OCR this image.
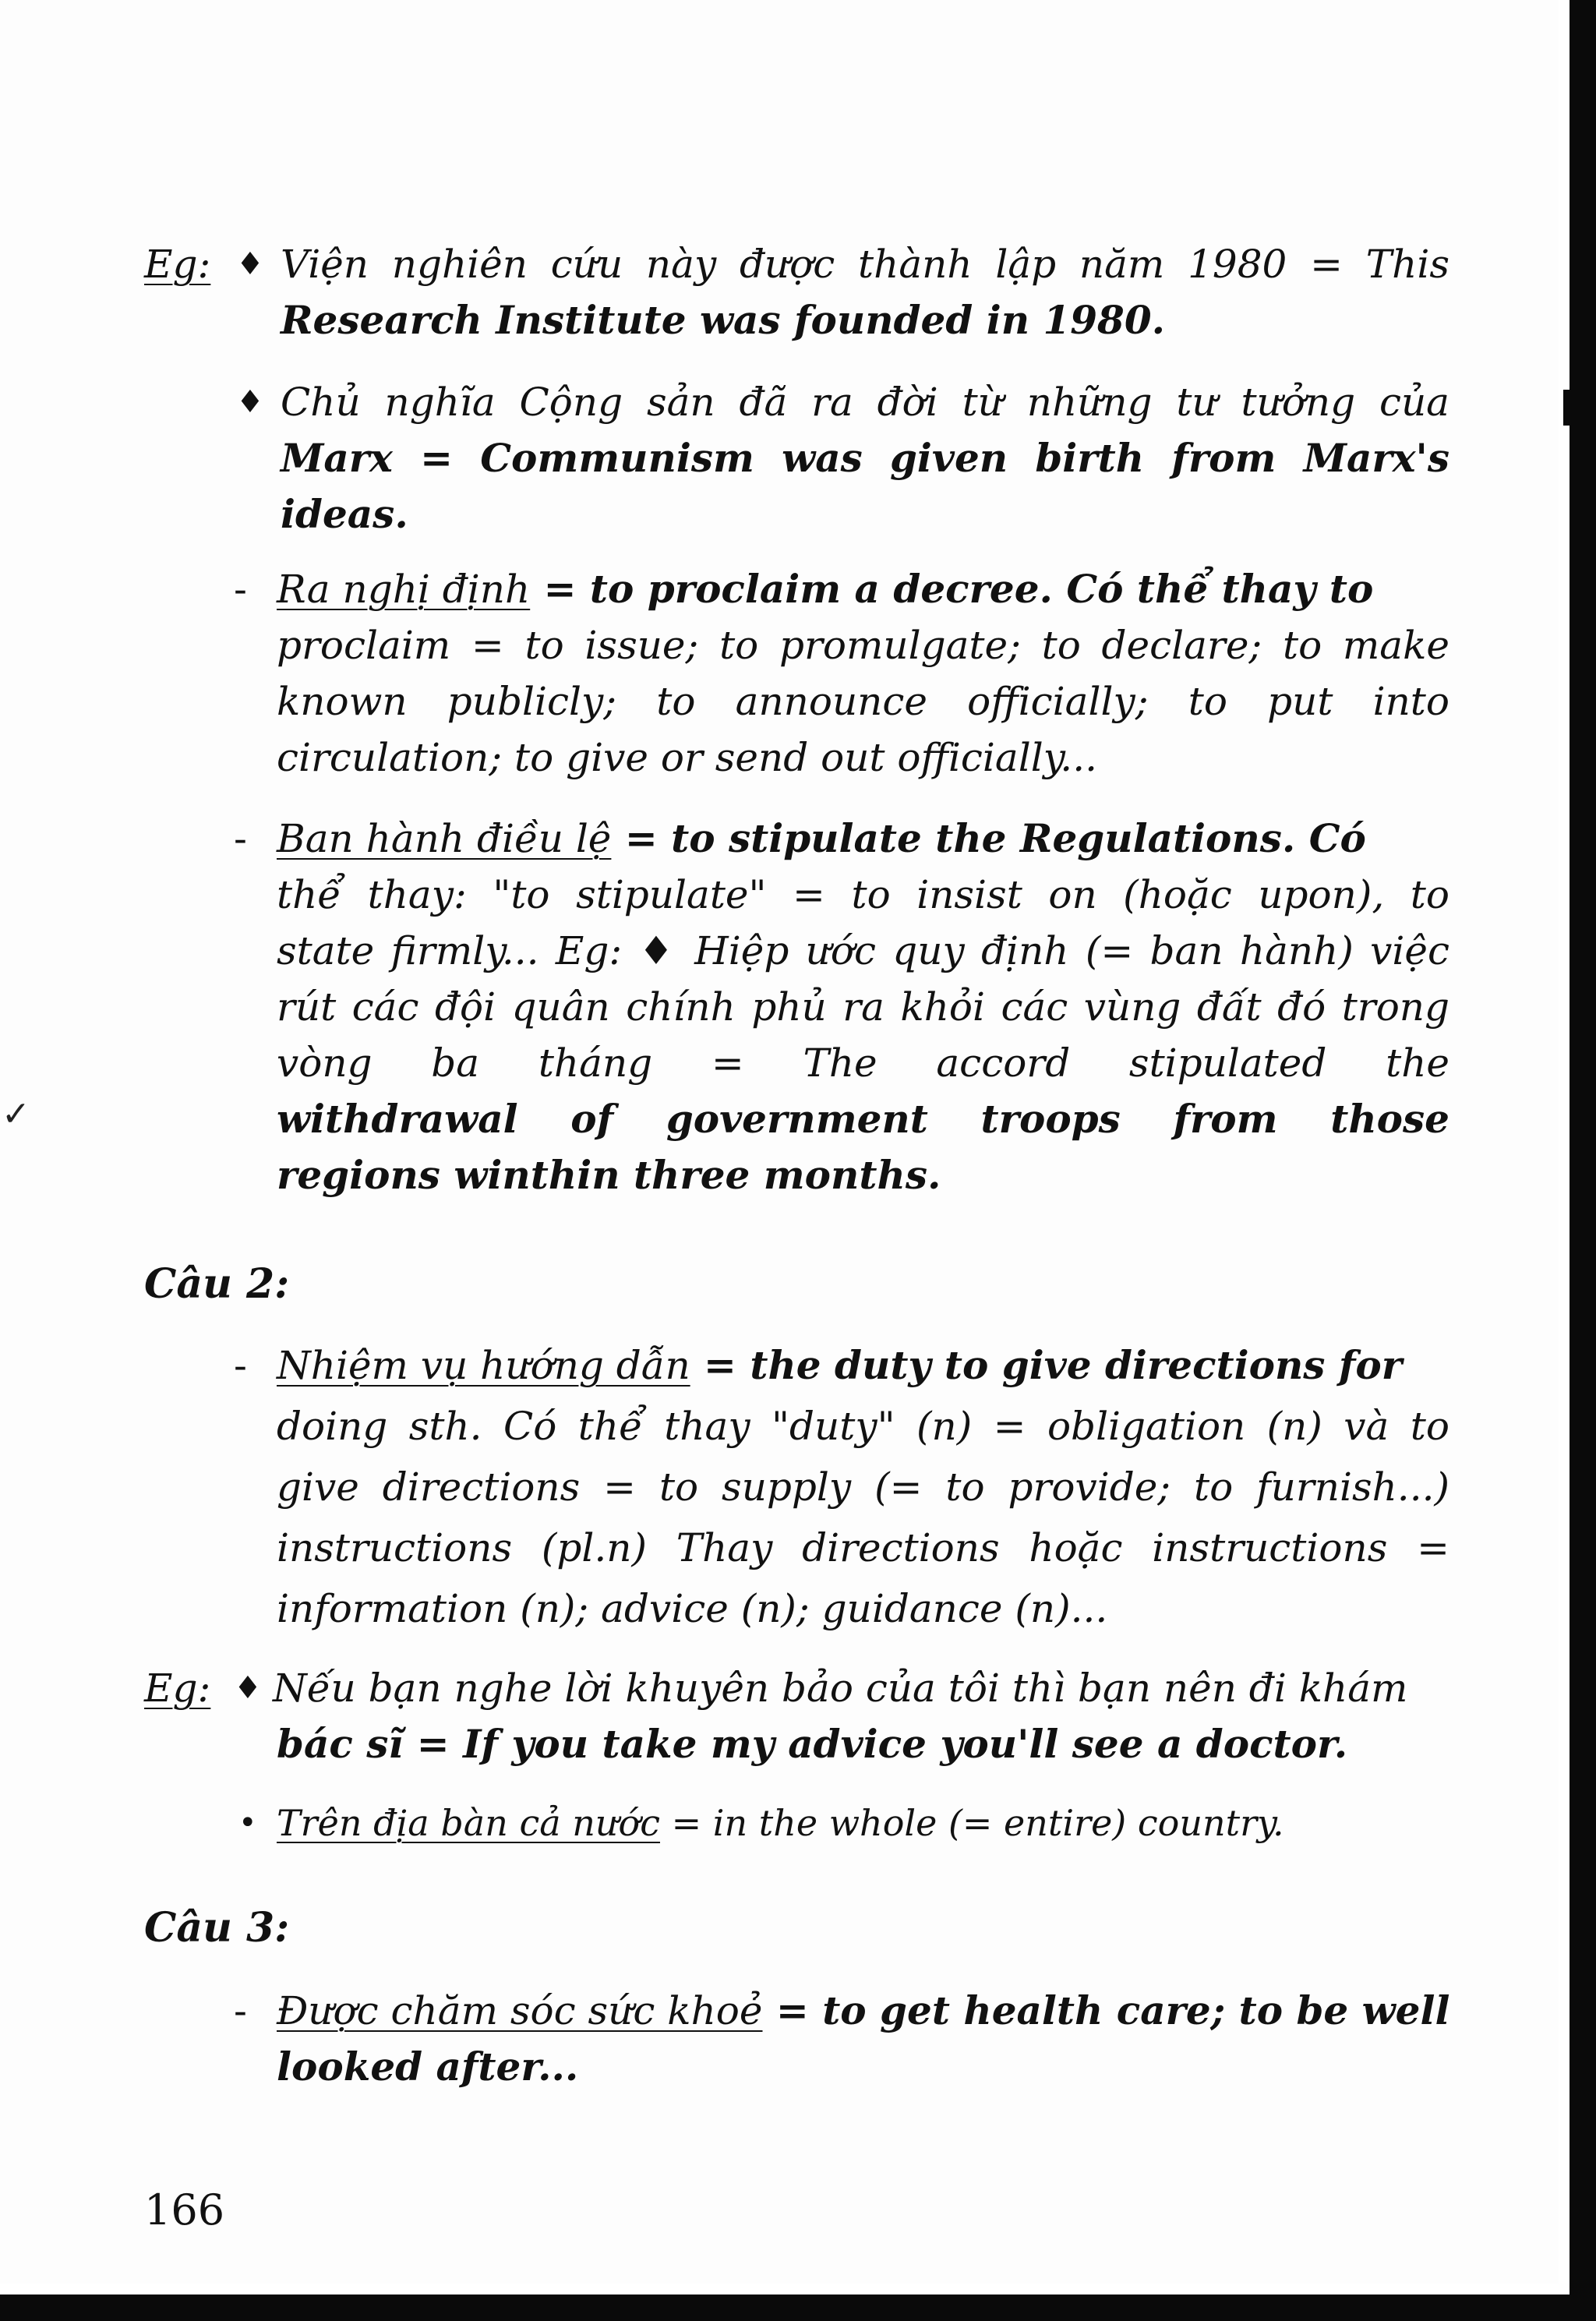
Eg: ♦ Viện nghiên cứu này được thành lập năm 1980 = This

Research Institute was founded in 1980.

♦ Chủ nghĩa Cộng sản đã ra đời từ những tư tưởng của

Marx = Communism was given birth from Marx's

ideas.

- Ra nghị định = to proclaim a decree. Có thể thay to

proclaim = to issue; to promulgate; to declare; to make

known publicly; to announce officially; to put into

circulation; to give or send out officially...

- Ban hành điều lệ = to stipulate the Regulations. Có

thể thay: "to stipulate" = to insist on (hoặc upon), to

state firmly... Eg: ♦ Hiệp ước quy định (= ban hành) việc

rút các đội quân chính phủ ra khỏi các vùng đất đó trong

vòng ba tháng = The accord stipulated the

withdrawal of government troops from those

regions winthin three months.

Câu 2:
- Nhiệm vụ hướng dẫn = the duty to give directions for

doing sth. Có thể thay "duty" (n) = obligation (n) và to

give directions = to supply (= to provide; to furnish...)

instructions (pl.n) Thay directions hoặc instructions =

information (n); advice (n); guidance (n)...

Eg: ♦ Nếu bạn nghe lời khuyên bảo của tôi thì bạn nên đi khám

bác sĩ = If you take my advice you'll see a doctor.

• Trên địa bàn cả nước = in the whole (= entire) country.

Câu 3:
- Được chăm sóc sức khoẻ = to get health care; to be well

looked after...

166
✓
